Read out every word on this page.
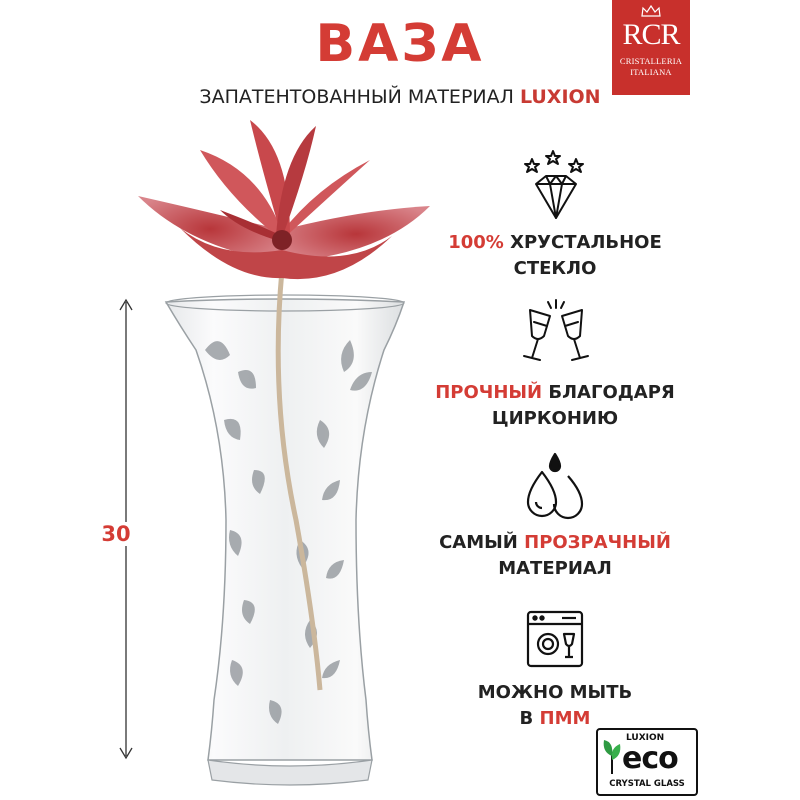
ВАЗА
ЗАПАТЕНТОВАННЫЙ МАТЕРИАЛ LUXION
RCR
CRISTALLERIA
ITALIANA
30
100% ХРУСТАЛЬНОЕ
СТЕКЛО
ПРОЧНЫЙ БЛАГОДАРЯ
ЦИРКОНИЮ
САМЫЙ ПРОЗРАЧНЫЙ
МАТЕРИАЛ
МОЖНО МЫТЬ
В ПММ
LUXION
eco
CRYSTAL GLASS
